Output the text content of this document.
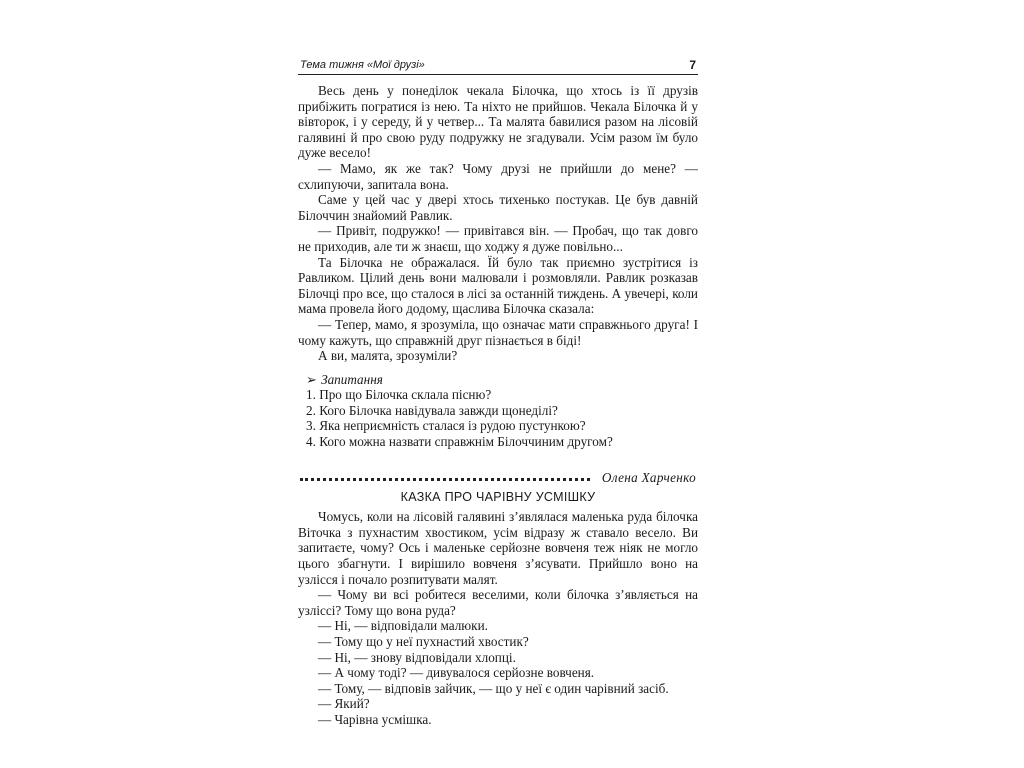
Тема тижня «Мої друзі»	7

Весь день у понеділок чекала Білочка, що хтось із її друзів прибіжить погратися із нею. Та ніхто не прийшов. Чекала Білочка й у вівторок, і у середу, й у четвер... Та малята бавилися разом на лісовій галявині й про свою руду подружку не згадували. Усім разом їм було дуже весело!

— Мамо, як же так? Чому друзі не прийшли до мене? — схлипуючи, запитала вона.

Саме у цей час у двері хтось тихенько постукав. Це був давній Білоччин знайомий Равлик.

— Привіт, подружко! — привітався він. — Пробач, що так довго не приходив, але ти ж знаєш, що ходжу я дуже повільно...

Та Білочка не ображалася. Їй було так приємно зустрітися із Равликом. Цілий день вони малювали і розмовляли. Равлик розказав Білочці про все, що сталося в лісі за останній тиждень. А увечері, коли мама провела його додому, щаслива Білочка сказала:

— Тепер, мамо, я зрозуміла, що означає мати справжнього друга! І чому кажуть, що справжній друг пізнається в біді!

А ви, малята, зрозуміли?

➢ Запитання

1. Про що Білочка склала пісню?

2. Кого Білочка навідувала завжди щонеділі?

3. Яка неприємність сталася із рудою пустункою?

4. Кого можна назвати справжнім Білоччиним другом?

Олена Харченко
КАЗКА ПРО ЧАРІВНУ УСМІШКУ

Чомусь, коли на лісовій галявині з’являлася маленька руда білочка Віточка з пухнастим хвостиком, усім відразу ж ставало весело. Ви запитаєте, чому? Ось і маленьке серйозне вовченя теж ніяк не могло цього збагнути. І вирішило вовченя з’ясувати. Прийшло воно на узлісся і почало розпитувати малят.

— Чому ви всі робитеся веселими, коли білочка з’являється на узліссі? Тому що вона руда?

— Ні, — відповідали малюки.

— Тому що у неї пухнастий хвостик?

— Ні, — знову відповідали хлопці.

— А чому тоді? — дивувалося серйозне вовченя.

— Тому, — відповів зайчик, — що у неї є один чарівний засіб.

— Який?

— Чарівна усмішка.
